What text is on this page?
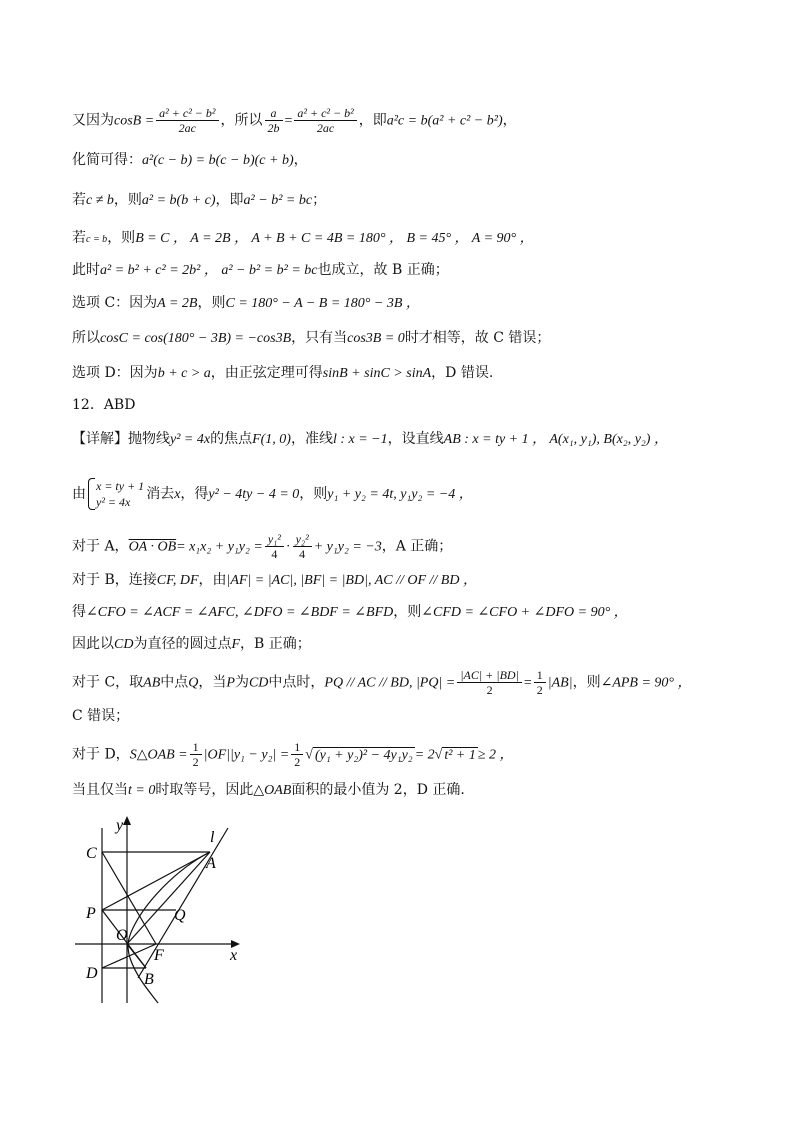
又因为$\cos B = \frac{\text{a² + c² − b²}}{2ac}$ ，所以 $\frac{a}{2b} = \frac{\text{a² + c² − b²}}{2ac}$ ，即a²c = b(a² + c² − b²)，
化简可得：a²(c − b) = b(c − b)(c + b)，
若c ≠ b，则a² = b(b + c)，即a² − b² = bc；
若c = b，则B = C ， A = 2B ， A + B + C = 4B = 180° ， B = 45° ， A = 90° ，
此时a² = b² + c² = 2b² ， a² − b² = b² = bc也成立，故 B 正确；
选项 C：因为A = 2B，则C = 180° − A − B = 180° − 3B ，
所以cosC = cos(180° − 3B) = −cos3B，只有当cos3B = 0时才相等，故 C 错误；
选项 D：因为b + c > a，由正弦定理可得sinB + sinC > sinA，D 错误.
12．ABD
【详解】抛物线y² = 4x的焦点F(1, 0)，准线l : x = −1，设直线AB : x = ty + 1 ， A(x₁, y₁), B(x₂, y₂) ，
由 x = ty + 1
y² = 4x	消去x，得y² − 4ty − 4 = 0，则y₁ + y₂ = 4t, y₁y₂ = −4 ，
对于 A，OA · $OB= x_1x_2 + y_1y_2 = \frac{\text{y₁²}}{4} \cdot \frac{\text{y₂²}}{4} + y_1y_2 = -3$，A 正确；
对于 B，连接CF, DF，由|AF| = |AC|, |BF| = |BD|, AC // OF // BD ，
得∠CFO = ∠ACF = ∠AFC, ∠DFO = ∠BDF = ∠BFD，则∠CFD = ∠CFO + ∠DFO = 90° ，
因此以CD为直径的圆过点F，B 正确；
对于 C，取AB中点Q，当P为CD中点时，PQ // AC // BD, $|PQ| = \frac{|AC| + |BD|}{2} = \frac{1}{2} |AB|$，则∠APB = 90° ，
C 错误；
对于 D，S△OAB = $\frac{1}{2} |OF||y_1 - y_2| = \frac{1}{2}$ √ (y₁ + y₂)² − 4y₁y₂ = 2√ t² + 1 ≥ 2 ，
当且仅当t = 0时取等号，因此△OAB面积的最小值为 2，D 正确.
y
x
l
A
C
P	Q
O
F
D	B
